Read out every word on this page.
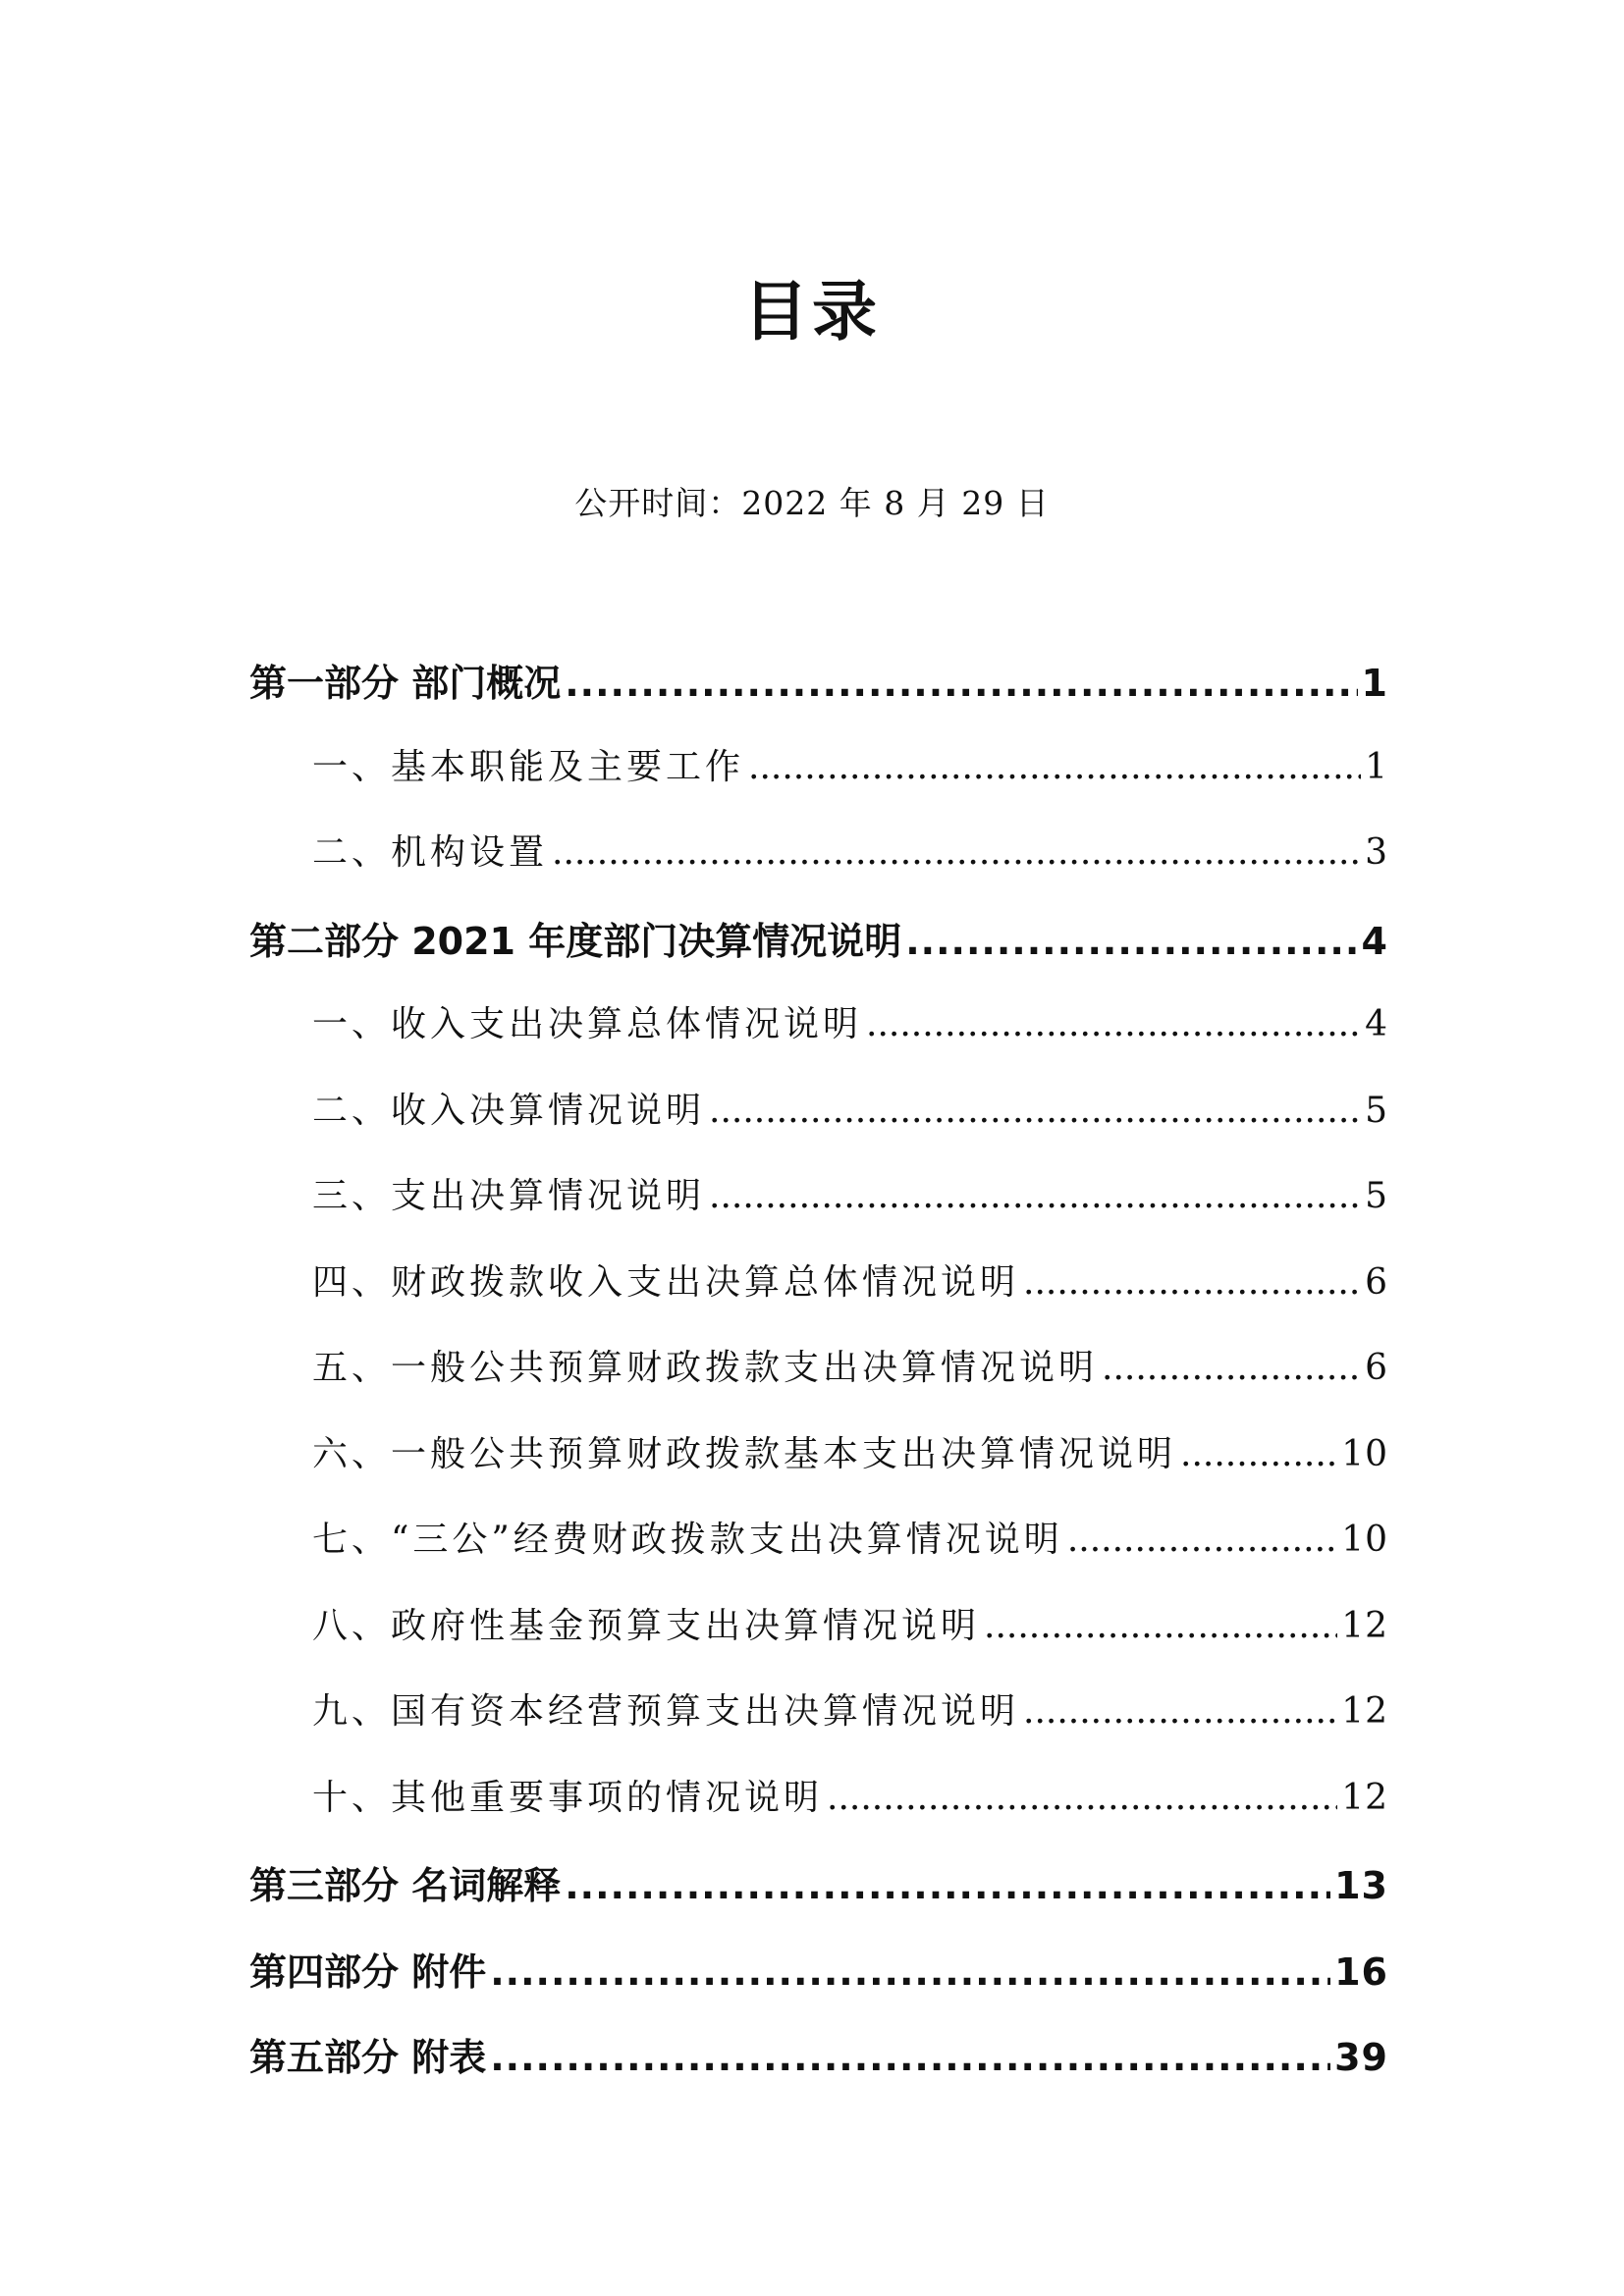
目录
公开时间：2022 年 8 月 29 日
第一部分 部门概况 .....	1
一、基本职能及主要工作 .....	1
二、机构设置 .....	3
第二部分 2021 年度部门决算情况说明 .....	4
一、收入支出决算总体情况说明 .....	4
二、收入决算情况说明 .....	5
三、支出决算情况说明 .....	5
四、财政拨款收入支出决算总体情况说明 .....	6
五、一般公共预算财政拨款支出决算情况说明 .....	6
六、一般公共预算财政拨款基本支出决算情况说明 .....	10
七、“三公”经费财政拨款支出决算情况说明 .....	10
八、政府性基金预算支出决算情况说明 .....	12
九、国有资本经营预算支出决算情况说明 .....	12
十、其他重要事项的情况说明 .....	12
第三部分 名词解释 .....	13
第四部分 附件 .....	16
第五部分 附表 .....	39
